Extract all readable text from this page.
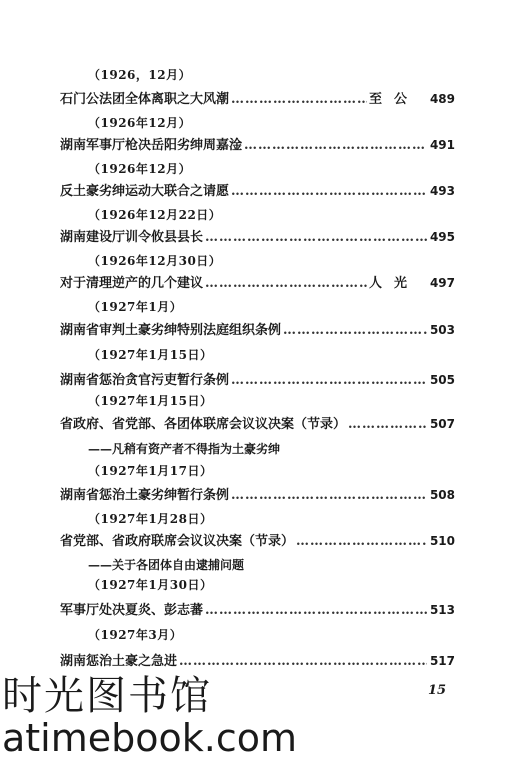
（1926，12月）
石门公法团全体离职之大风潮 ……………………………………………………………………………………………………………………	至公 489
（1926年12月）
湖南军事厅枪决岳阳劣绅周嘉淦 ……………………………………………………………………………………………………………………	491
（1926年12月）
反土豪劣绅运动大联合之请愿 ……………………………………………………………………………………………………………………	493
（1926年12月22日）
湖南建设厅训令攸县县长 ……………………………………………………………………………………………………………………	495
（1926年12月30日）
对于清理逆产的几个建议 ……………………………………………………………………………………………………………………	人光 497
（1927年1月）
湖南省审判土豪劣绅特别法庭组织条例 ……………………………………………………………………………………………………………………	503
（1927年1月15日）
湖南省惩治贪官污吏暂行条例 ……………………………………………………………………………………………………………………	505
（1927年1月15日）
省政府、省党部、各团体联席会议议决案（节录） ……………………………………………………………………………………………………………………	507
——凡稍有资产者不得指为土豪劣绅
（1927年1月17日）
湖南省惩治土豪劣绅暂行条例 ……………………………………………………………………………………………………………………	508
（1927年1月28日）
省党部、省政府联席会议议决案（节录） ……………………………………………………………………………………………………………………	510
——关于各团体自由逮捕问题
（1927年1月30日）
军事厅处决夏炎、彭志蕃 ……………………………………………………………………………………………………………………	513
（1927年3月）
湖南惩治土豪之急进 ……………………………………………………………………………………………………………………	517
15
时光图书馆
atimebook.com
